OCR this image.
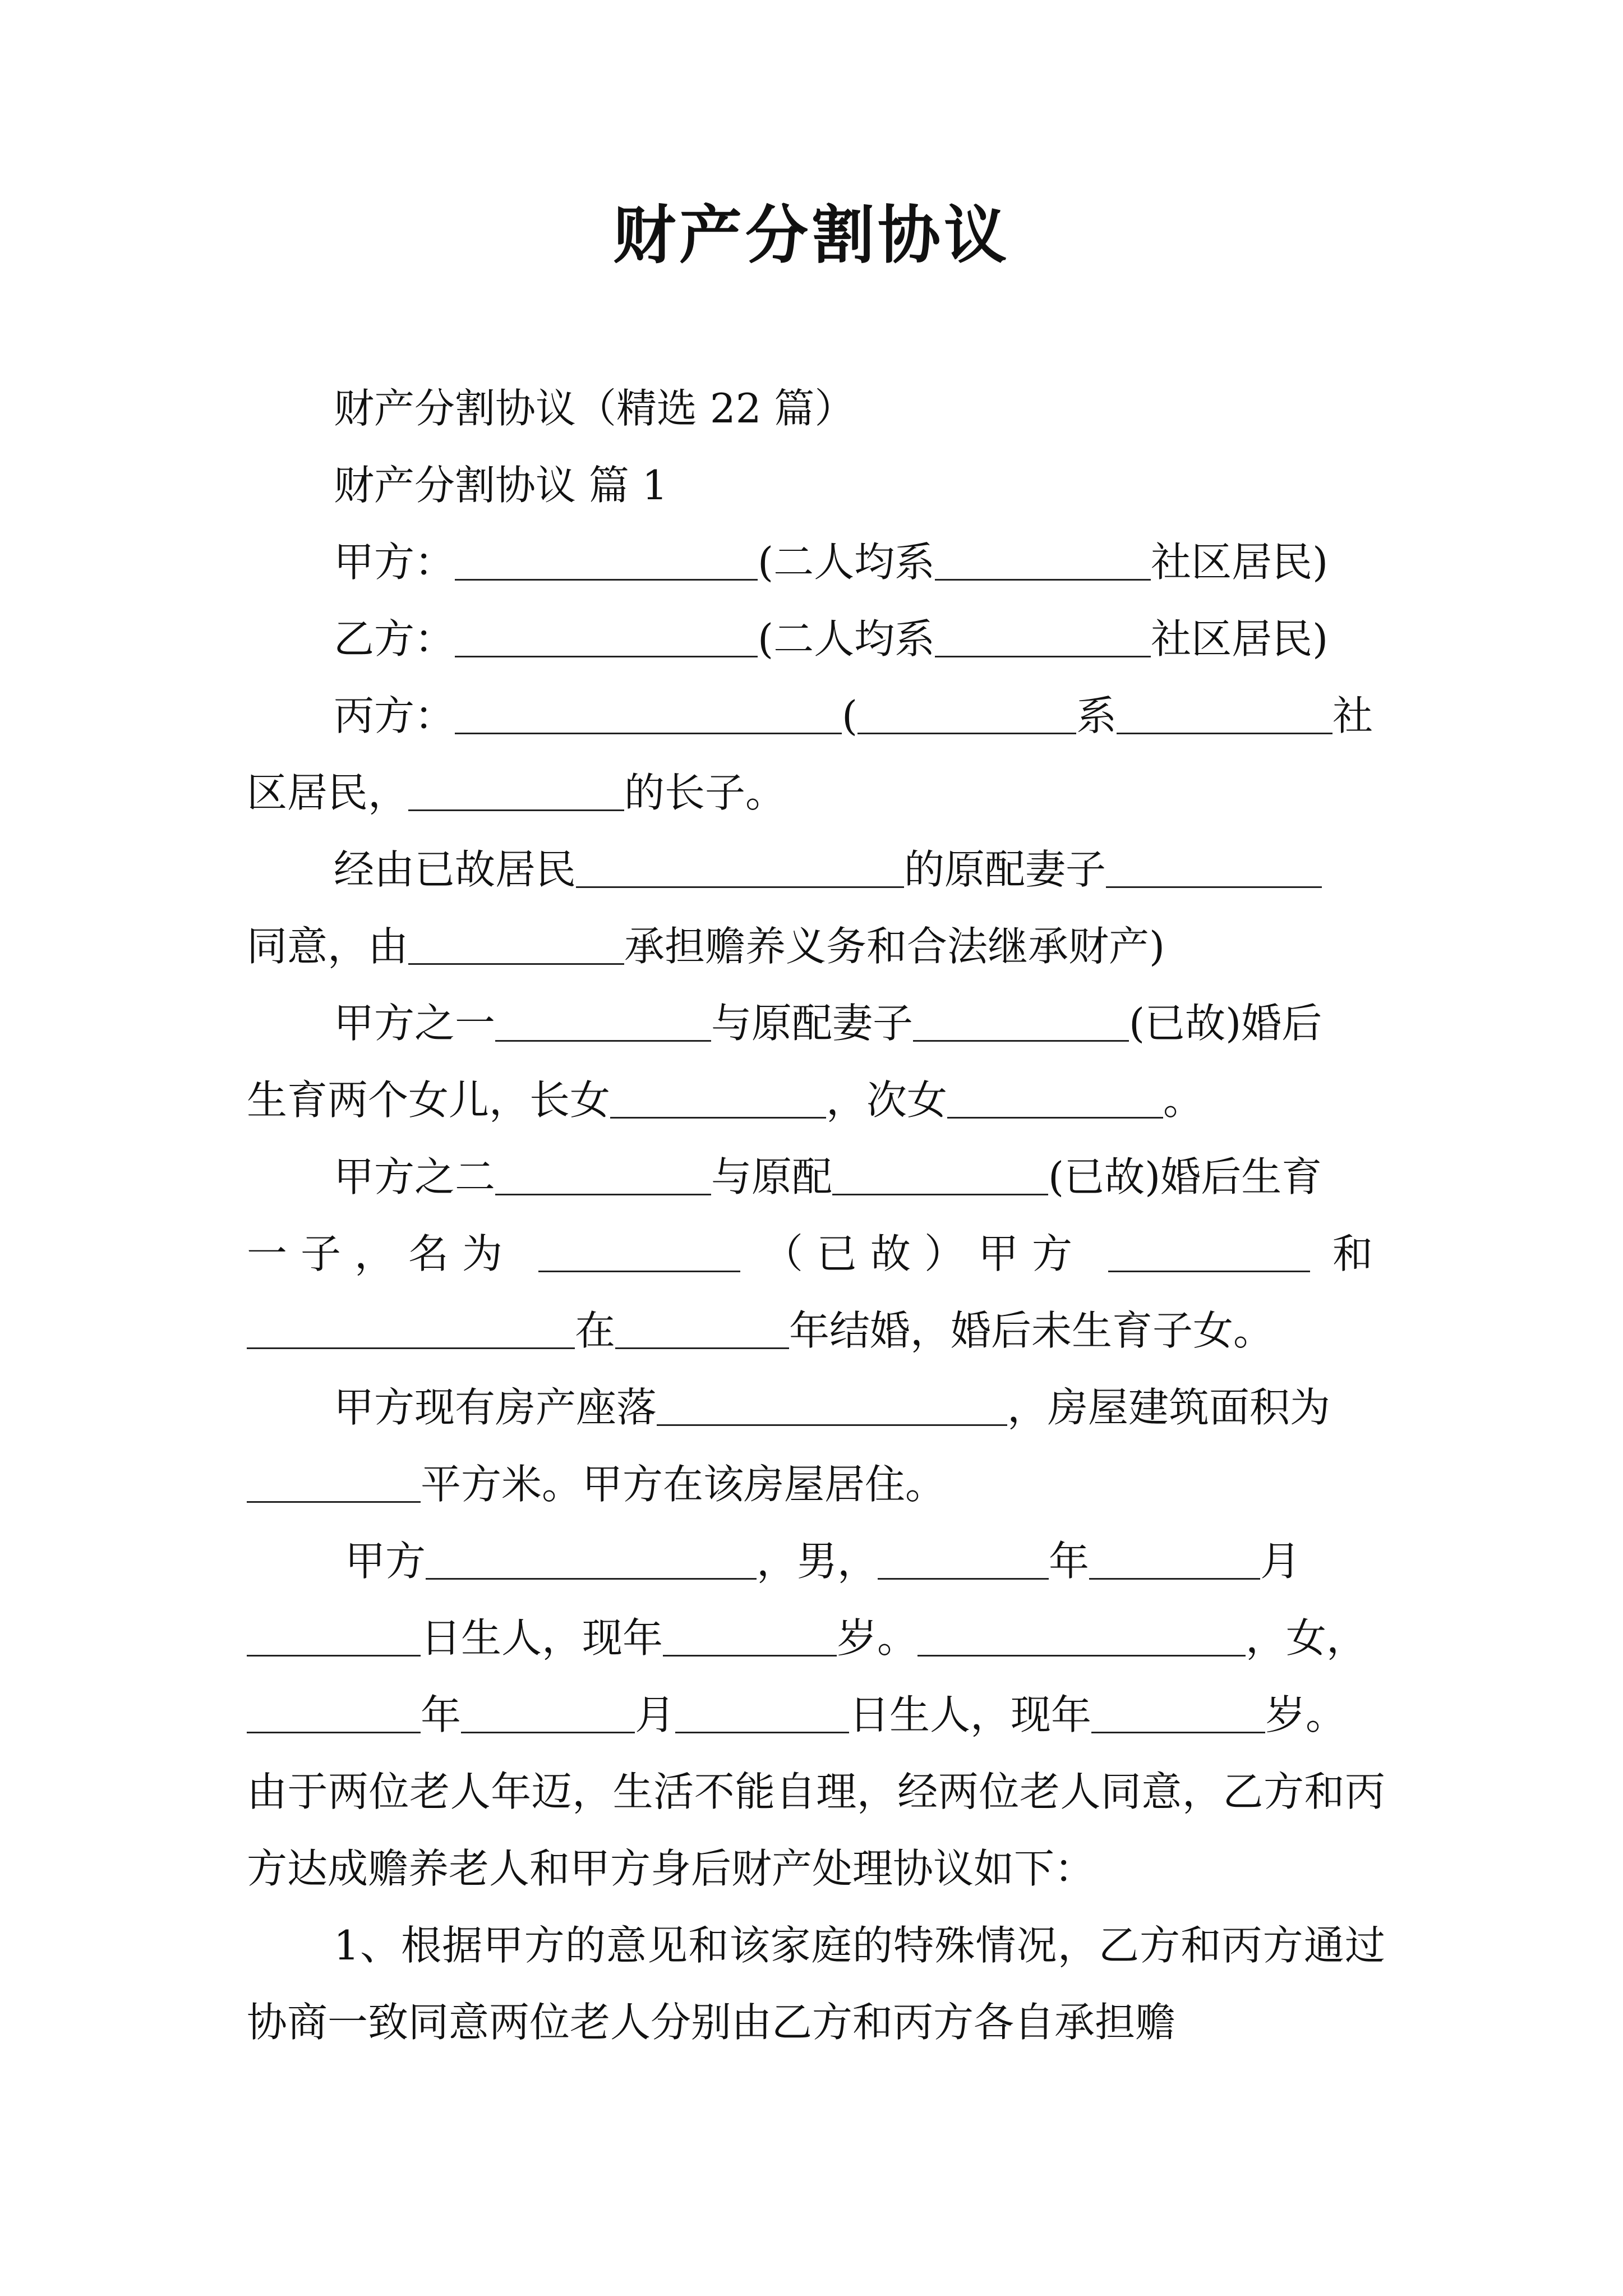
财产分割协议

财产分割协议（精选 22 篇）

财产分割协议 篇 1

甲方：	(二人均系	社区居民)

乙方：	(二人均系	社区居民)

丙方：	(	系	社
区居民，	的长子。

经由已故居民	的原配妻子
同意，由	承担赡养义务和合法继承财产)

甲方之一	与原配妻子	(已故)婚后
生育两个女儿，长女	，次女	。

甲方之二	与原配	(已故)婚后生育
一子，名为	（已故）甲方	和
在	年结婚，婚后未生育子女。

甲方现有房产座落	，房屋建筑面积为
平方米。甲方在该房屋居住。

甲方	，男，	年	月
日生人，现年	岁。	，女，
年	月	日生人，现年	岁。
由于两位老人年迈，生活不能自理，经两位老人同意，乙方和丙方达成赡养老人和甲方身后财产处理协议如下：

1、根据甲方的意见和该家庭的特殊情况，乙方和丙方通过协商一致同意两位老人分别由乙方和丙方各自承担赡
